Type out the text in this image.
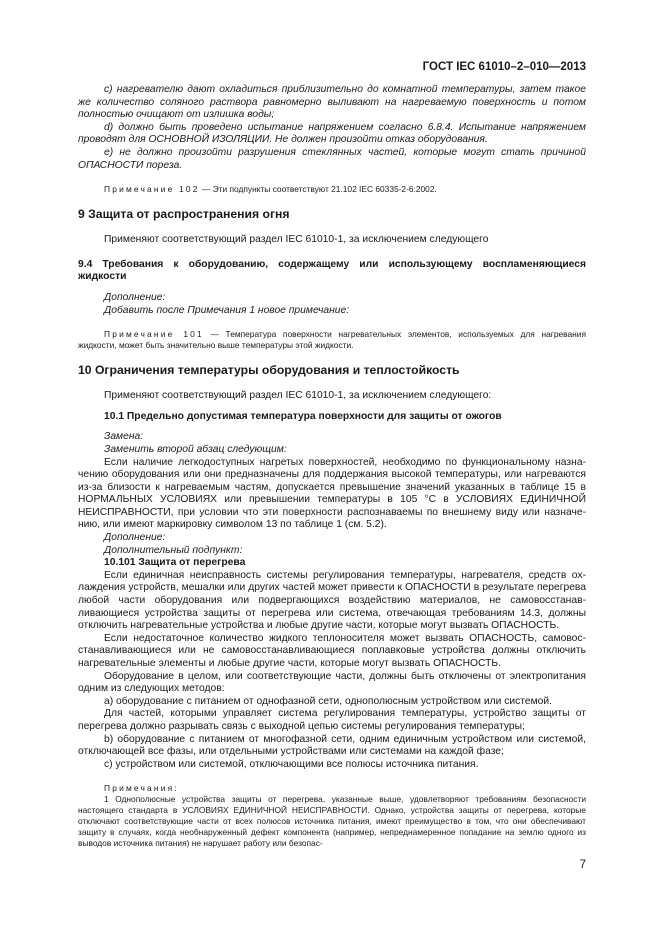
ГОСТ IEC 61010–2–010—2013

c) нагревателю дают охладиться приблизительно до комнатной температуры, затем такое же количество соляного раствора равномерно выливают на нагреваемую поверхность и потом полностью очищают от излишка воды;

d) должно быть проведено испытание напряжением согласно 6.8.4. Испытание напряжением проводят для ОСНОВНОЙ ИЗОЛЯЦИИ. Не должен произойти отказ оборудования.

е) не должно произойти разрушения стеклянных частей, которые могут стать причиной ОПАСНОСТИ пореза.

Примечание 102 — Эти подпункты соответствуют 21.102 IEC 60335-2-6:2002.

9 Защита от распространения огня

Применяют соответствующий раздел IEC 61010-1, за исключением следующего

9.4 Требования к оборудованию, содержащему или использующему воспламеняющиеся жидкости

Дополнение:

Добавить после Примечания 1 новое примечание:

Примечание 101 — Температура поверхности нагревательных элементов, используемых для нагревания жидкости, может быть значительно выше температуры этой жидкости.

10 Ограничения температуры оборудования и теплостойкость

Применяют соответствующий раздел IEC 61010-1, за исключением следующего:

10.1 Предельно допустимая температура поверхности для защиты от ожогов

Замена:

Заменить второй абзац следующим:

Если наличие легкодоступных нагретых поверхностей, необходимо по функциональному назначению оборудования или они предназначены для поддержания высокой температуры, или нагреваются из-за близости к нагреваемым частям, допускается превышение значений указанных в таблице 15 в НОРМАЛЬНЫХ УСЛОВИЯХ или превышении температуры в 105 °С в УСЛОВИЯХ ЕДИНИЧНОЙ НЕИСПРАВНОСТИ, при условии что эти поверхности распознаваемы по внешнему виду или назначению, или имеют маркировку символом 13 по таблице 1 (см. 5.2).

Дополнение:

Дополнительный подпункт:

10.101 Защита от перегрева

Если единичная неисправность системы регулирования температуры, нагревателя, средств охлаждения устройств, мешалки или других частей может привести к ОПАСНОСТИ в результате перегрева любой части оборудования или подвергающихся воздействию материалов, не самовосстанавливающиеся устройства защиты от перегрева или система, отвечающая требованиям 14.3, должны отключить нагревательные устройства и любые другие части, которые могут вызвать ОПАСНОСТЬ.

Если недостаточное количество жидкого теплоносителя может вызвать ОПАСНОСТЬ, самовосстанавливающиеся или не самовосстанавливающиеся поплавковые устройства должны отключить нагревательные элементы и любые другие части, которые могут вызвать ОПАСНОСТЬ.

Оборудование в целом, или соответствующие части, должны быть отключены от электропитания одним из следующих методов:

а) оборудование с питанием от однофазной сети, однополюсным устройством или системой.

Для частей, которыми управляет система регулирования температуры, устройство защиты от перегрева должно разрывать связь с выходной цепью системы регулирования температуры;

b) оборудование с питанием от многофазной сети, одним единичным устройством или системой, отключающей все фазы, или отдельными устройствами или системами на каждой фазе;

с) устройством или системой, отключающими все полюсы источника питания.

Примечания:

1 Однополюсные устройства защиты от перегрева, указанные выше, удовлетворяют требованиям безопасности настоящего стандарта в УСЛОВИЯХ ЕДИНИЧНОЙ НЕИСПРАВНОСТИ. Однако, устройства защиты от перегрева, которые отключают соответствующие части от всех полюсов источника питания, имеют преимущество в том, что они обеспечивают защиту в случаях, когда необнаруженный дефект компонента (например, непреднамеренное попадание на землю одного из выводов источника питания) не нарушает работу или безопас-

7
